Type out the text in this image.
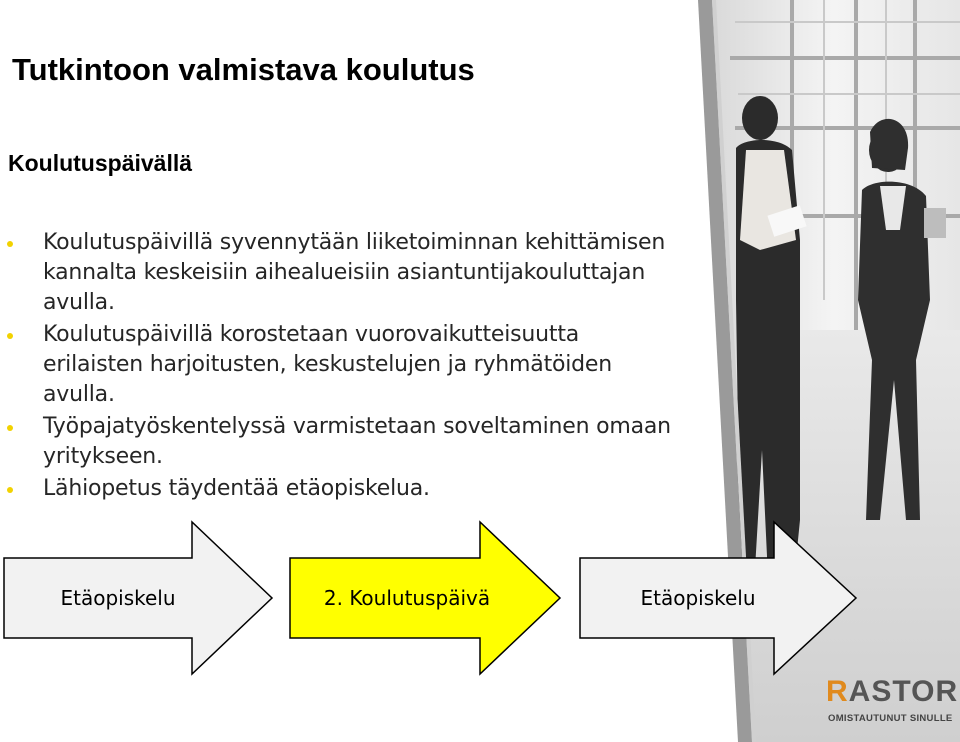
Tutkintoon valmistava koulutus
Koulutuspäivällä
Koulutuspäivillä syvennytään liiketoiminnan kehittämisen kannalta keskeisiin aihealueisiin asiantuntijakouluttajan avulla.
Koulutuspäivillä korostetaan vuorovaikutteisuutta erilaisten harjoitusten, keskustelujen ja ryhmätöiden avulla.
Työpajatyöskentelyssä varmistetaan soveltaminen omaan yritykseen.
Lähiopetus täydentää etäopiskelua.
Etäopiskelu	2. Koulutuspäivä	Etäopiskelu
RASTOR
OMISTAUTUNUT SINULLE
